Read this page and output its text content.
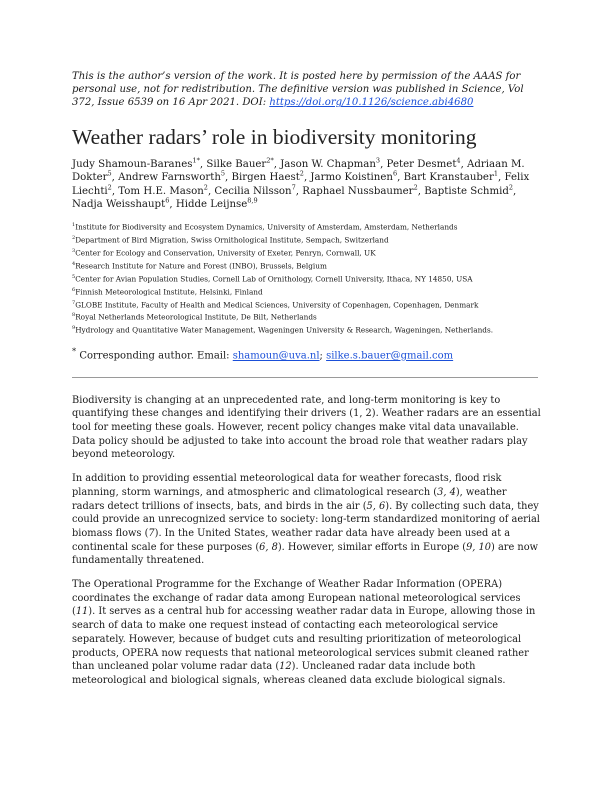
This is the author’s version of the work. It is posted here by permission of the AAAS for personal use, not for redistribution. The definitive version was published in Science, Vol 372, Issue 6539 on 16 Apr 2021. DOI: https://doi.org/10.1126/science.abi4680

Weather radars’ role in biodiversity monitoring

Judy Shamoun-Baranes$^{1*}$, Silke Bauer$^{2*}$, Jason W. Chapman$^3$, Peter Desmet$^4$, Adriaan M. Dokter$^5$, Andrew Farnsworth$^5$, Birgen Haest$^2$, Jarmo Koistinen$^6$, Bart Kranstauber$^1$, Felix Liechti$^2$, Tom H.E. Mason$^2$, Cecilia Nilsson$^7$, Raphael Nussbaumer$^2$, Baptiste Schmid$^2$, Nadja Weisshaupt$^6$, Hidde Leijnse$^{8,9}$

$^1$Institute for Biodiversity and Ecosystem Dynamics, University of Amsterdam, Amsterdam, Netherlands
$^2$Department of Bird Migration, Swiss Ornithological Institute, Sempach, Switzerland
$^3$Center for Ecology and Conservation, University of Exeter, Penryn, Cornwall, UK
$^4$Research Institute for Nature and Forest (INBO), Brussels, Belgium
$^5$Center for Avian Population Studies, Cornell Lab of Ornithology, Cornell University, Ithaca, NY 14850, USA
$^6$Finnish Meteorological Institute, Helsinki, Finland
$^7$GLOBE Institute, Faculty of Health and Medical Sciences, University of Copenhagen, Copenhagen, Denmark
$^8$Royal Netherlands Meteorological Institute, De Bilt, Netherlands
$^9$Hydrology and Quantitative Water Management, Wageningen University & Research, Wageningen, Netherlands.

* Corresponding author. Email: shamoun@uva.nl; silke.s.bauer@gmail.com

Biodiversity is changing at an unprecedented rate, and long-term monitoring is key to quantifying these changes and identifying their drivers (1, 2). Weather radars are an essential tool for meeting these goals. However, recent policy changes make vital data unavailable. Data policy should be adjusted to take into account the broad role that weather radars play beyond meteorology.

In addition to providing essential meteorological data for weather forecasts, flood risk planning, storm warnings, and atmospheric and climatological research (3, 4), weather radars detect trillions of insects, bats, and birds in the air (5, 6). By collecting such data, they could provide an unrecognized service to society: long-term standardized monitoring of aerial biomass flows (7). In the United States, weather radar data have already been used at a continental scale for these purposes (6, 8). However, similar efforts in Europe (9, 10) are now fundamentally threatened.

The Operational Programme for the Exchange of Weather Radar Information (OPERA) coordinates the exchange of radar data among European national meteorological services (11). It serves as a central hub for accessing weather radar data in Europe, allowing those in search of data to make one request instead of contacting each meteorological service separately. However, because of budget cuts and resulting prioritization of meteorological products, OPERA now requests that national meteorological services submit cleaned rather than uncleaned polar volume radar data (12). Uncleaned radar data include both meteorological and biological signals, whereas cleaned data exclude biological signals.
